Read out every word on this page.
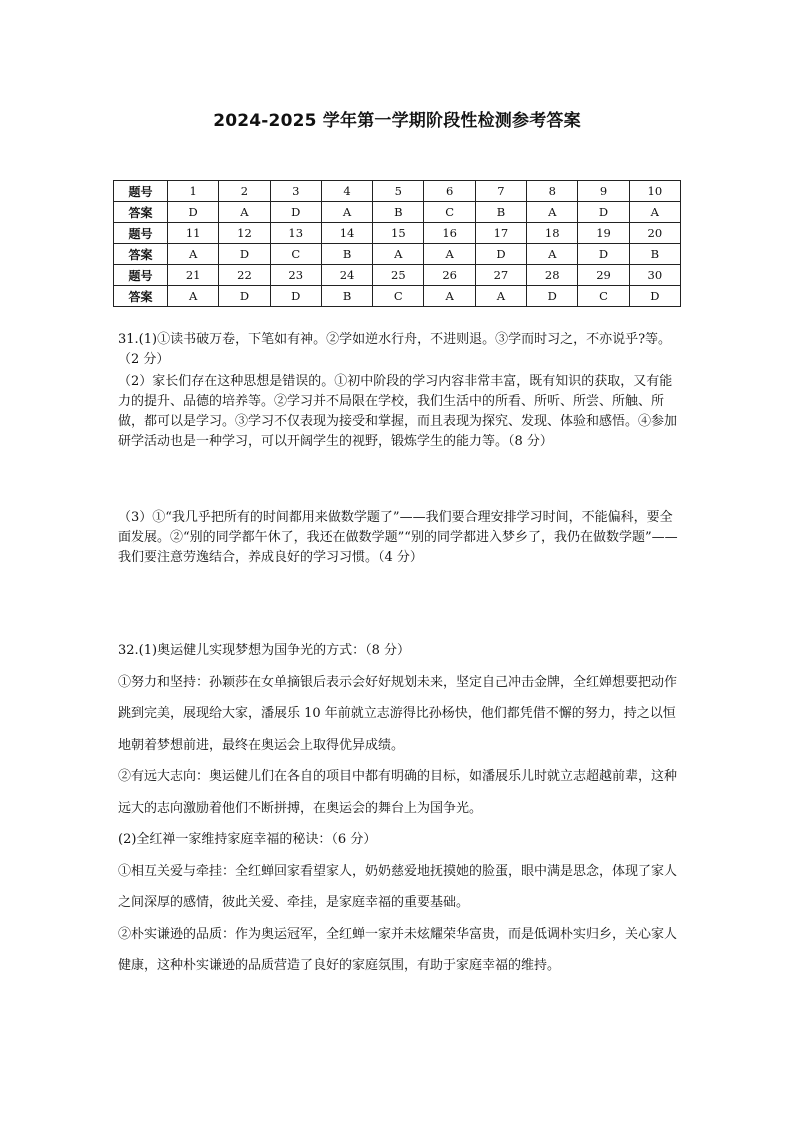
2024-2025 学年第一学期阶段性检测参考答案
题号	1	2	3	4	5	6	7	8	9	10
答案	D	A	D	A	B	C	B	A	D	A
题号	11	12	13	14	15	16	17	18	19	20
答案	A	D	C	B	A	A	D	A	D	B
题号	21	22	23	24	25	26	27	28	29	30
答案	A	D	D	B	C	A	A	D	C	D

31.(1)①读书破万卷，下笔如有神。②学如逆水行舟，不进则退。③学而时习之，不亦说乎?等。（2 分）

（2）家长们存在这种思想是错误的。①初中阶段的学习内容非常丰富，既有知识的获取，又有能力的提升、品德的培养等。②学习并不局限在学校，我们生活中的所看、所听、所尝、所触、所做，都可以是学习。③学习不仅表现为接受和掌握，而且表现为探究、发现、体验和感悟。④参加研学活动也是一种学习，可以开阔学生的视野，锻炼学生的能力等。（8 分）

（3）①“我几乎把所有的时间都用来做数学题了”——我们要合理安排学习时间，不能偏科，要全面发展。②“别的同学都午休了，我还在做数学题”“别的同学都进入梦乡了，我仍在做数学题”——我们要注意劳逸结合，养成良好的学习习惯。（4 分）

32.(1)奥运健儿实现梦想为国争光的方式：（8 分）

①努力和坚持：孙颖莎在女单摘银后表示会好好规划未来，坚定自己冲击金牌，全红婵想要把动作跳到完美，展现给大家，潘展乐 10 年前就立志游得比孙杨快，他们都凭借不懈的努力，持之以恒地朝着梦想前进，最终在奥运会上取得优异成绩。

②有远大志向：奥运健儿们在各自的项目中都有明确的目标，如潘展乐儿时就立志超越前辈，这种远大的志向激励着他们不断拼搏，在奥运会的舞台上为国争光。

(2)全红禅一家维持家庭幸福的秘诀：（6 分）

①相互关爱与牵挂：全红蝉回家看望家人，奶奶慈爱地抚摸她的脸蛋，眼中满是思念，体现了家人之间深厚的感情，彼此关爱、牵挂，是家庭幸福的重要基础。

②朴实谦逊的品质：作为奥运冠军，全红蝉一家并未炫耀荣华富贵，而是低调朴实归乡，关心家人健康，这种朴实谦逊的品质营造了良好的家庭氛围，有助于家庭幸福的维持。
